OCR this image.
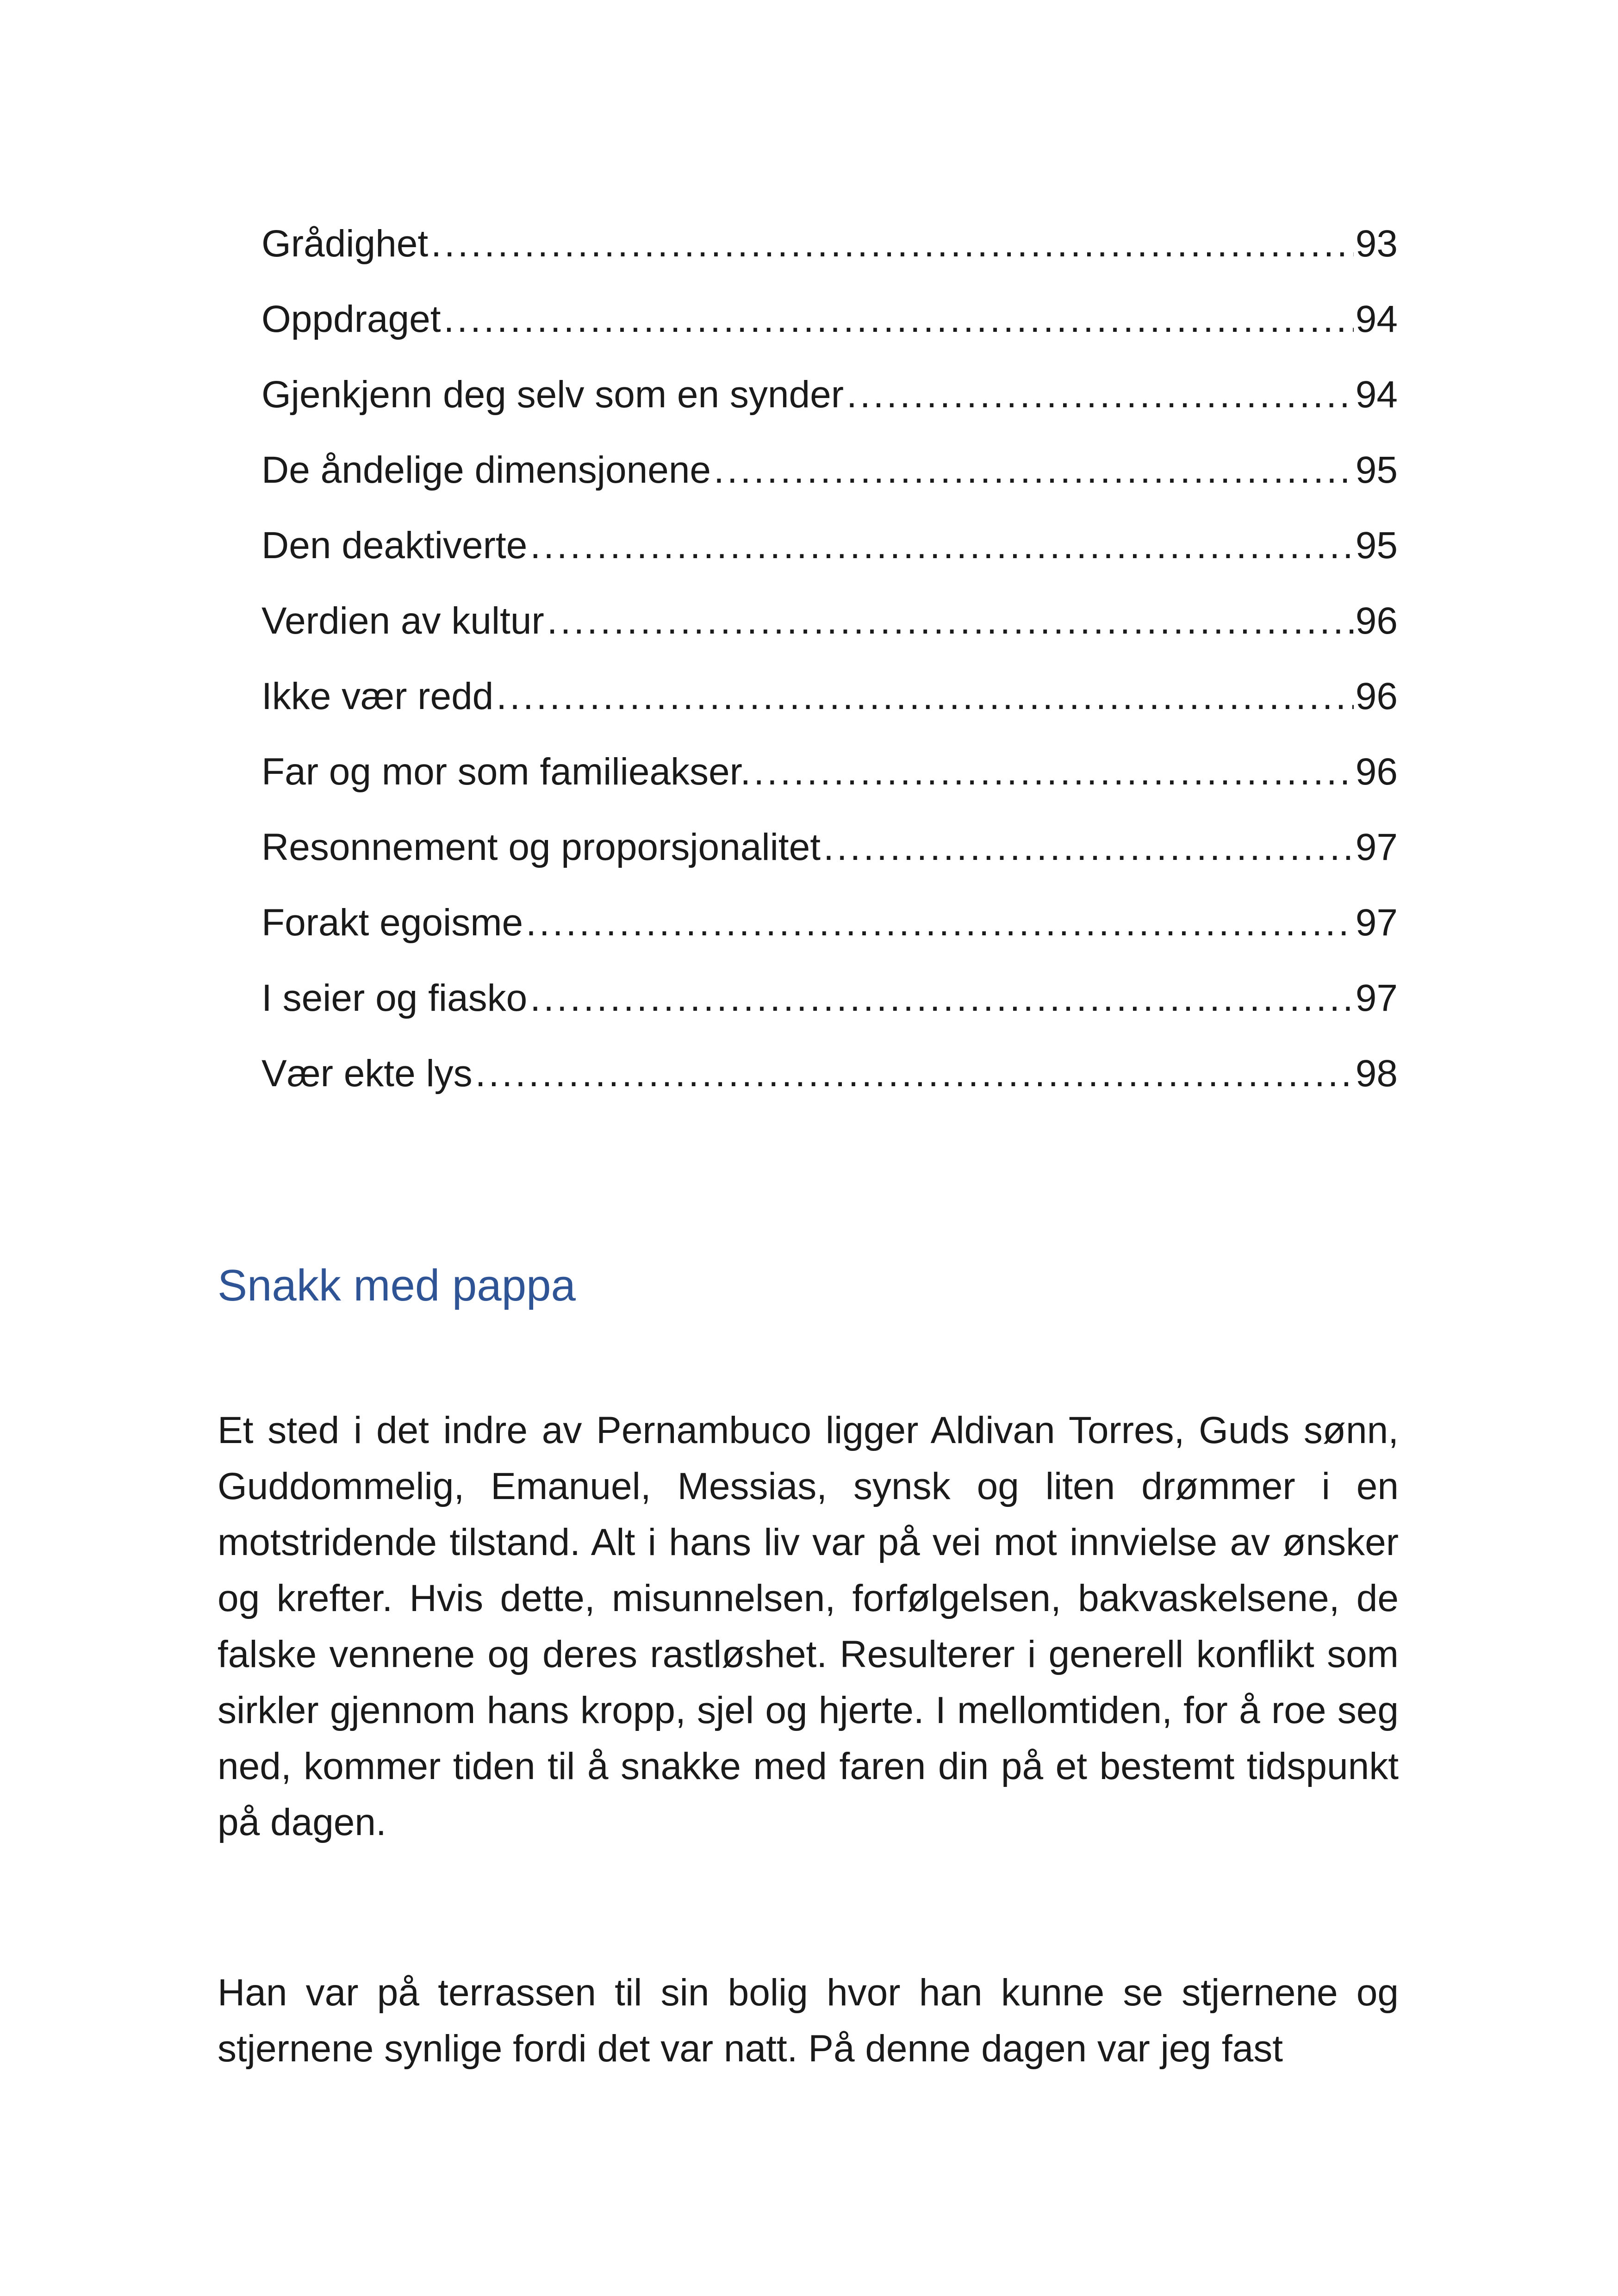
Grådighet .....	93
Oppdraget .....	94
Gjenkjenn deg selv som en synder .....	94
De åndelige dimensjonene .....	95
Den deaktiverte .....	95
Verdien av kultur .....	96
Ikke vær redd .....	96
Far og mor som familieakser. .....	96
Resonnement og proporsjonalitet .....	97
Forakt egoisme .....	97
I seier og fiasko .....	97
Vær ekte lys .....	98
Snakk med pappa

Et sted i det indre av Pernambuco ligger Aldivan Torres, Guds sønn, Guddommelig, Emanuel, Messias, synsk og liten drømmer i en motstridende tilstand. Alt i hans liv var på vei mot innvielse av ønsker og krefter. Hvis dette, misunnelsen, forfølgelsen, bakvaskelsene, de falske vennene og deres rastløshet. Resulterer i generell konflikt som sirkler gjennom hans kropp, sjel og hjerte. I mellomtiden, for å roe seg ned, kommer tiden til å snakke med faren din på et bestemt tidspunkt på dagen.

Han var på terrassen til sin bolig hvor han kunne se stjernene og stjernene synlige fordi det var natt. På denne dagen var jeg fast
